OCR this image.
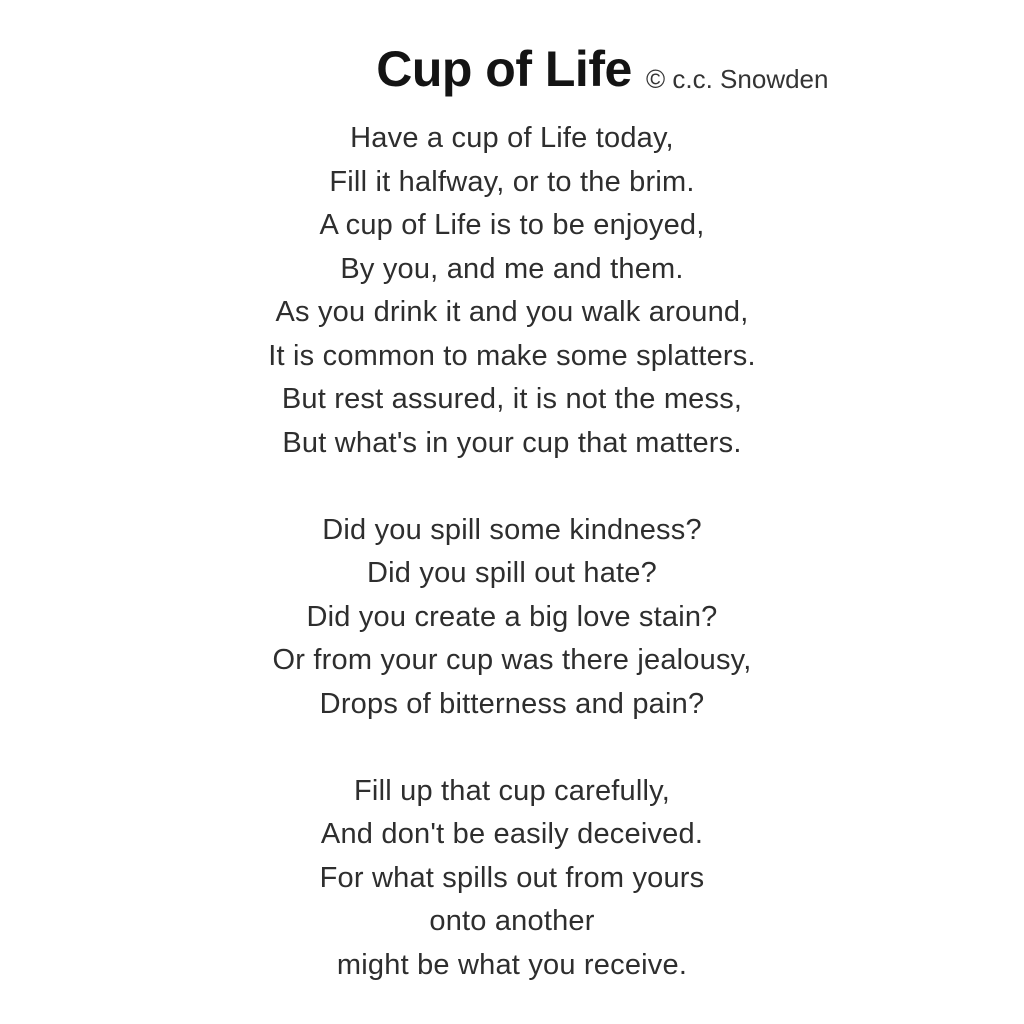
Cup of Life © c.c. Snowden
Have a cup of Life today,
Fill it halfway, or to the brim.
A cup of Life is to be enjoyed,
By you, and me and them.
As you drink it and you walk around,
It is common to make some splatters.
But rest assured, it is not the mess,
But what's in your cup that matters.
Did you spill some kindness?
Did you spill out hate?
Did you create a big love stain?
Or from your cup was there jealousy,
Drops of bitterness and pain?
Fill up that cup carefully,
And don't be easily deceived.
For what spills out from yours
onto another
might be what you receive.
